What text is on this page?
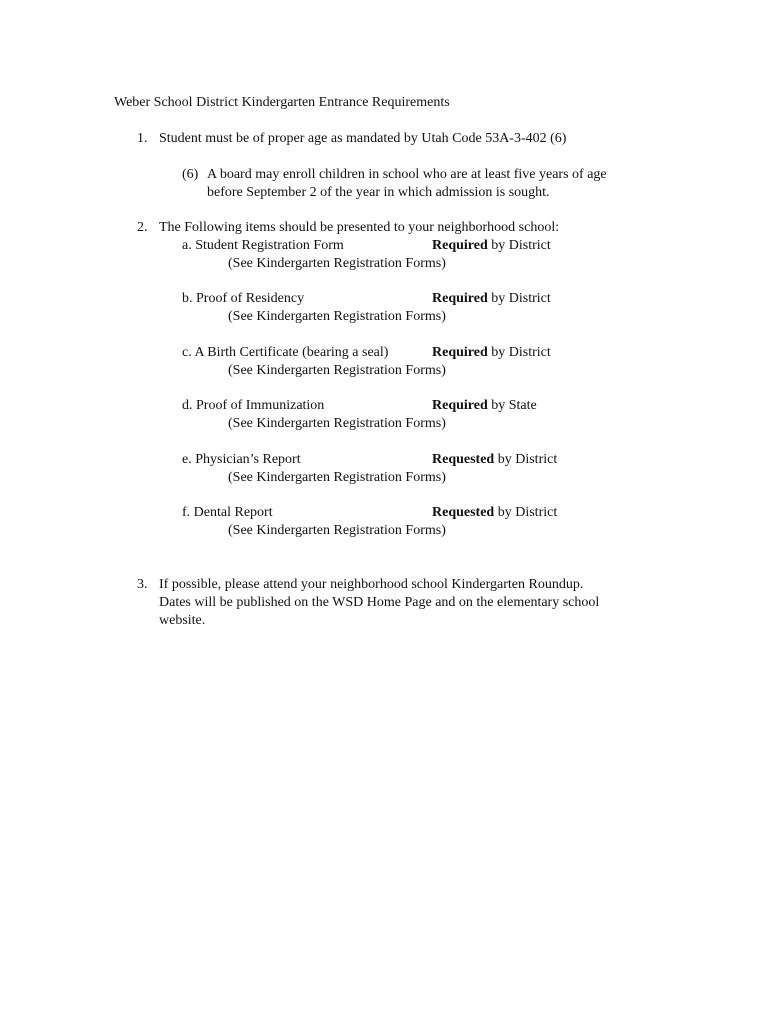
Weber School District Kindergarten Entrance Requirements
1. Student must be of proper age as mandated by Utah Code 53A-3-402 (6)
(6) A board may enroll children in school who are at least five years of age
before September 2 of the year in which admission is sought.
2. The Following items should be presented to your neighborhood school:
a. Student Registration Form	Required by District
(See Kindergarten Registration Forms)
b. Proof of Residency	Required by District
(See Kindergarten Registration Forms)
c. A Birth Certificate (bearing a seal)	Required by District
(See Kindergarten Registration Forms)
d. Proof of Immunization	Required by State
(See Kindergarten Registration Forms)
e. Physician’s Report	Requested by District
(See Kindergarten Registration Forms)
f. Dental Report	Requested by District
(See Kindergarten Registration Forms)
3. If possible, please attend your neighborhood school Kindergarten Roundup.
Dates will be published on the WSD Home Page and on the elementary school
website.
